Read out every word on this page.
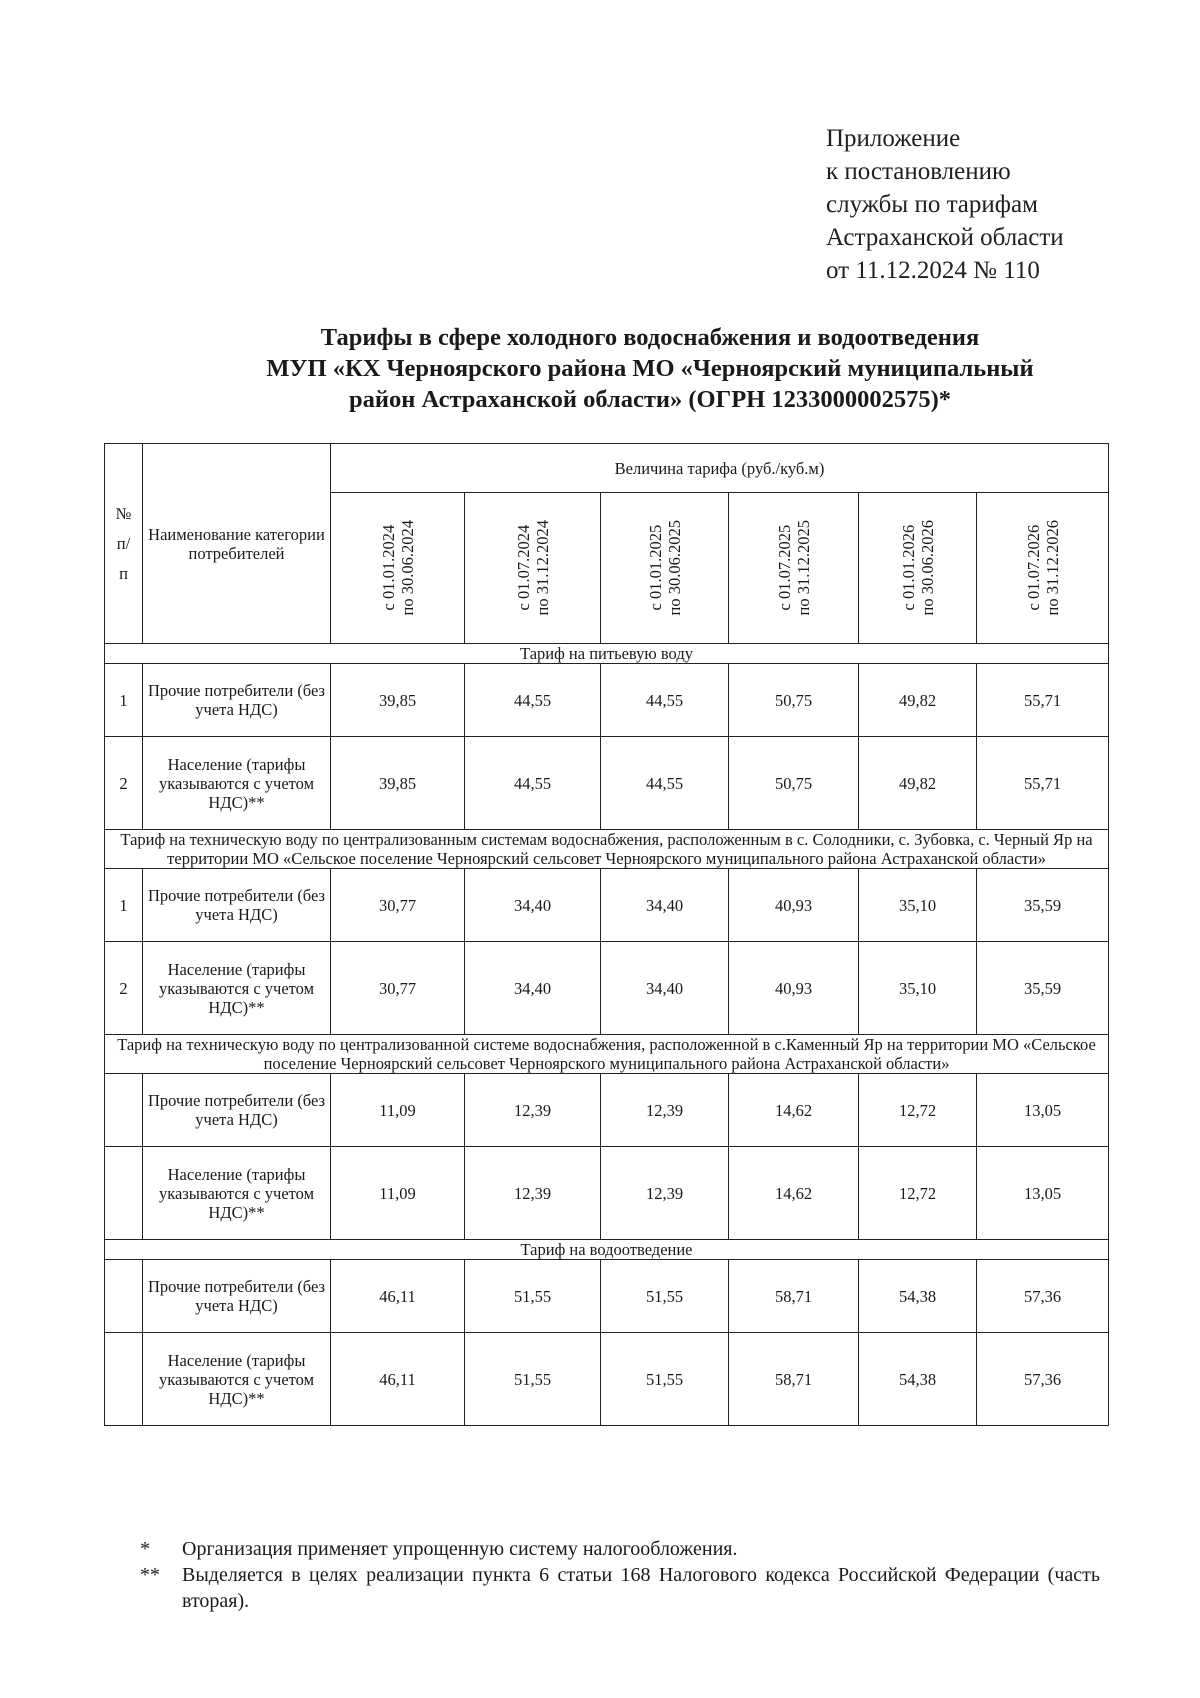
Приложение
к постановлению
службы по тарифам
Астраханской области
от 11.12.2024 № 110
Тарифы в сфере холодного водоснабжения и водоотведения
МУП «КХ Черноярского района МО «Черноярский муниципальный
район Астраханской области» (ОГРН 1233000002575)*
№
п/
п	Наименование категории потребителей	Величина тарифа (руб./куб.м)					

		с 01.01.2024 по 30.06.2024	с 01.07.2024 по 31.12.2024	с 01.01.2025 по 30.06.2025	с 01.07.2025 по 31.12.2025	с 01.01.2026 по 30.06.2026	с 01.07.2026 по 31.12.2026

Тариф на питьевую воду							
1	Прочие потребители (без учета НДС)	39,85	44,55	44,55	50,75	49,82	55,71
2	Население (тарифы указываются с учетом НДС)**	39,85	44,55	44,55	50,75	49,82	55,71
Тариф на техническую воду по централизованным системам водоснабжения, расположенным в с. Солодники, с. Зубовка, с. Черный Яр на территории МО «Сельское поселение Черноярский сельсовет Черноярского муниципального района Астраханской области»							
1	Прочие потребители (без учета НДС)	30,77	34,40	34,40	40,93	35,10	35,59
2	Население (тарифы указываются с учетом НДС)**	30,77	34,40	34,40	40,93	35,10	35,59
Тариф на техническую воду по централизованной системе водоснабжения, расположенной в с.Каменный Яр на территории МО «Сельское поселение Черноярский сельсовет Черноярского муниципального района Астраханской области»							
	Прочие потребители (без учета НДС)	11,09	12,39	12,39	14,62	12,72	13,05
	Население (тарифы указываются с учетом НДС)**	11,09	12,39	12,39	14,62	12,72	13,05
Тариф на водоотведение							
	Прочие потребители (без учета НДС)	46,11	51,55	51,55	58,71	54,38	57,36
	Население (тарифы указываются с учетом НДС)**	46,11	51,55	51,55	58,71	54,38	57,36
*	Организация применяет упрощенную систему налогообложения.
**	Выделяется в целях реализации пункта 6 статьи 168 Налогового кодекса Российской Федерации (часть вторая).
